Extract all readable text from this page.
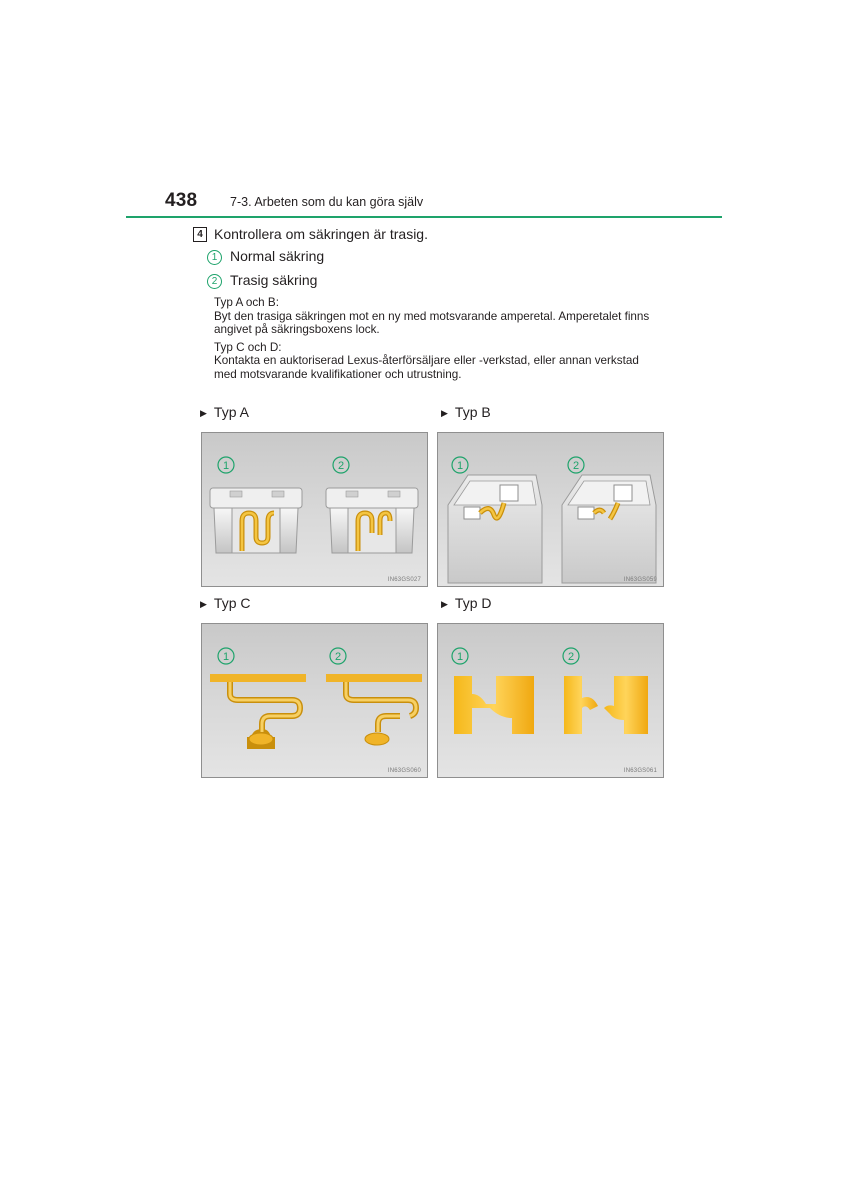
438	7-3. Arbeten som du kan göra själv
4 Kontrollera om säkringen är trasig.
1 Normal säkring
2 Trasig säkring

Typ A och B:

Byt den trasiga säkringen mot en ny med motsvarande amperetal. Amperetalet finns

angivet på säkringsboxens lock.

Typ C och D:

Kontakta en auktoriserad Lexus-återförsäljare eller -verkstad, eller annan verkstad

med motsvarande kvalifikationer och utrustning.

▶ Typ A	▶ Typ B
▶ Typ C	▶ Typ D
1	2
IN63GS027
1	2
IN63GS059
1	2
IN63GS060
1	2
IN63GS061
